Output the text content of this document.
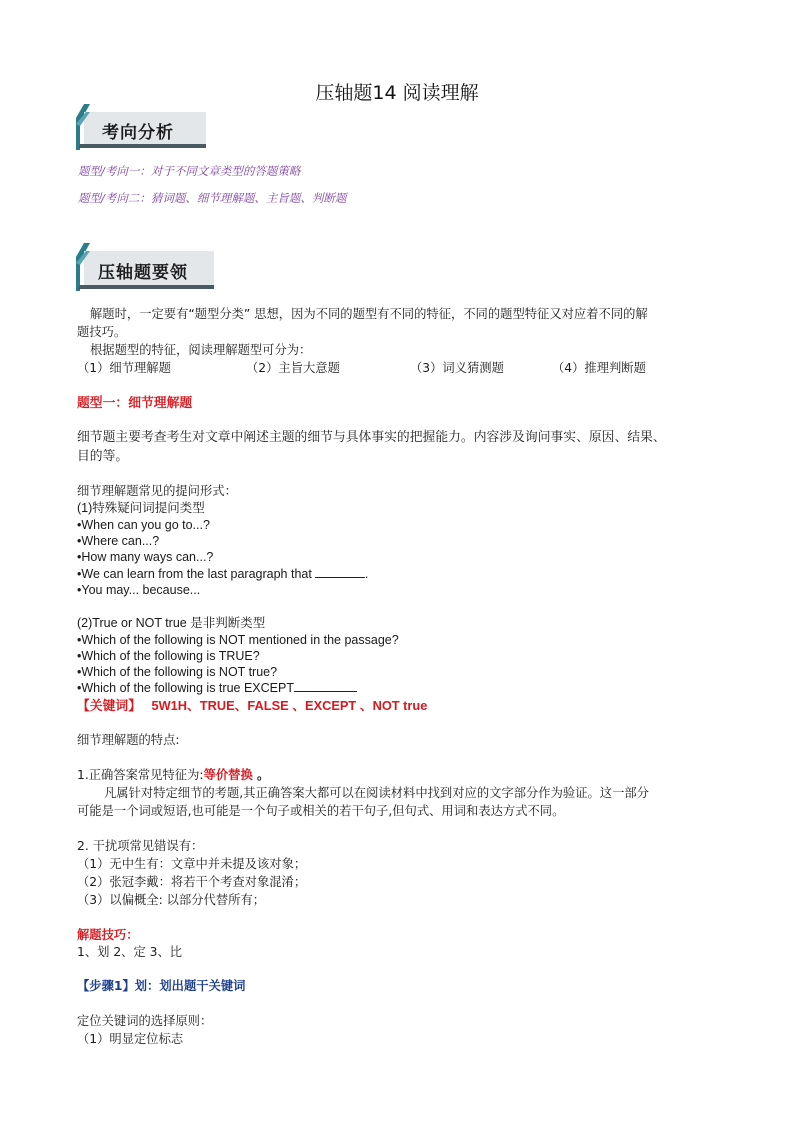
压轴题14 阅读理解
考向分析
题型/考向一：对于不同文章类型的答题策略
题型/考向二：猜词题、细节理解题、主旨题、判断题
压轴题要领
解题时，一定要有“题型分类” 思想，因为不同的题型有不同的特征，不同的题型特征又对应着不同的解
题技巧。
根据题型的特征，阅读理解题型可分为：
（1）细节理解题	（2）主旨大意题	（3）词义猜测题	（4）推理判断题
题型一：细节理解题
细节题主要考查考生对文章中阐述主题的细节与具体事实的把握能力。内容涉及询问事实、原因、结果、
目的等。
细节理解题常见的提问形式：
(1)特殊疑问词提问类型
•When can you go to...?
•Where can...?
•How many ways can...?
•We can learn from the last paragraph that	.
•You may... because...
(2)True or NOT true 是非判断类型
•Which of the following is NOT mentioned in the passage?
•Which of the following is TRUE?
•Which of the following is NOT true?
•Which of the following is true EXCEPT
【关键词】 5W1H、TRUE、FALSE 、EXCEPT 、NOT true
细节理解题的特点:
1.正确答案常见特征为:等价替换 。
凡属针对特定细节的考题,其正确答案大都可以在阅读材料中找到对应的文字部分作为验证。这一部分
可能是一个词或短语,也可能是一个句子或相关的若干句子,但句式、用词和表达方式不同。
2. 干扰项常见错误有：
（1）无中生有：文章中并未提及该对象；
（2）张冠李戴：将若干个考查对象混淆；
（3）以偏概全: 以部分代替所有；
解题技巧：
1、划 2、定 3、比
【步骤1】划：划出题干关键词
定位关键词的选择原则：
（1）明显定位标志
